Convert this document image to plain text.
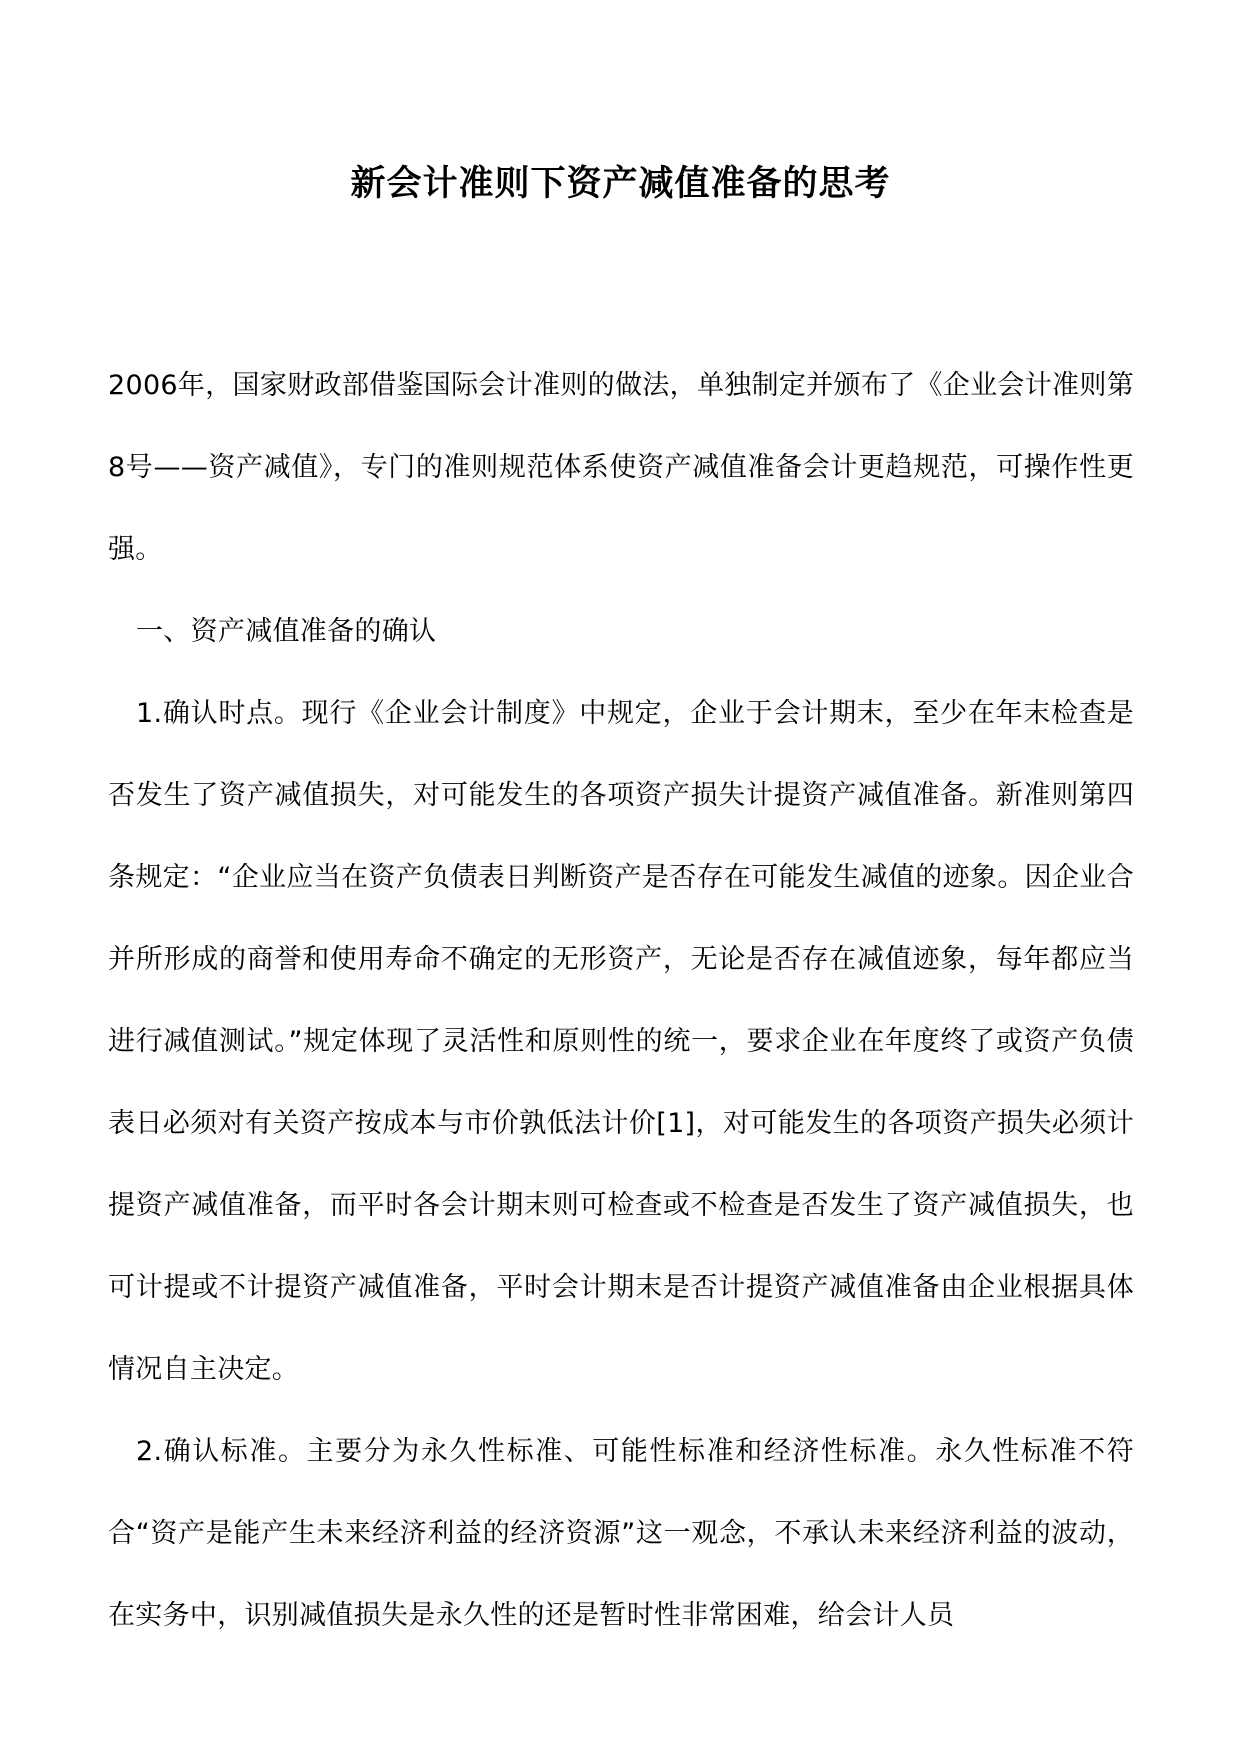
新会计准则下资产减值准备的思考

2006年，国家财政部借鉴国际会计准则的做法，单独制定并颁布了《企业会计准则第8号——资产减值》，专门的准则规范体系使资产减值准备会计更趋规范，可操作性更强。

一、资产减值准备的确认

1.确认时点。现行《企业会计制度》中规定，企业于会计期末，至少在年末检查是否发生了资产减值损失，对可能发生的各项资产损失计提资产减值准备。新准则第四条规定：“企业应当在资产负债表日判断资产是否存在可能发生减值的迹象。因企业合并所形成的商誉和使用寿命不确定的无形资产，无论是否存在减值迹象，每年都应当进行减值测试。”规定体现了灵活性和原则性的统一，要求企业在年度终了或资产负债表日必须对有关资产按成本与市价孰低法计价[1]，对可能发生的各项资产损失必须计提资产减值准备，而平时各会计期末则可检查或不检查是否发生了资产减值损失，也可计提或不计提资产减值准备，平时会计期末是否计提资产减值准备由企业根据具体情况自主决定。

2.确认标准。主要分为永久性标准、可能性标准和经济性标准。永久性标准不符合“资产是能产生未来经济利益的经济资源”这一观念，不承认未来经济利益的波动，在实务中，识别减值损失是永久性的还是暂时性非常困难，给会计人员
